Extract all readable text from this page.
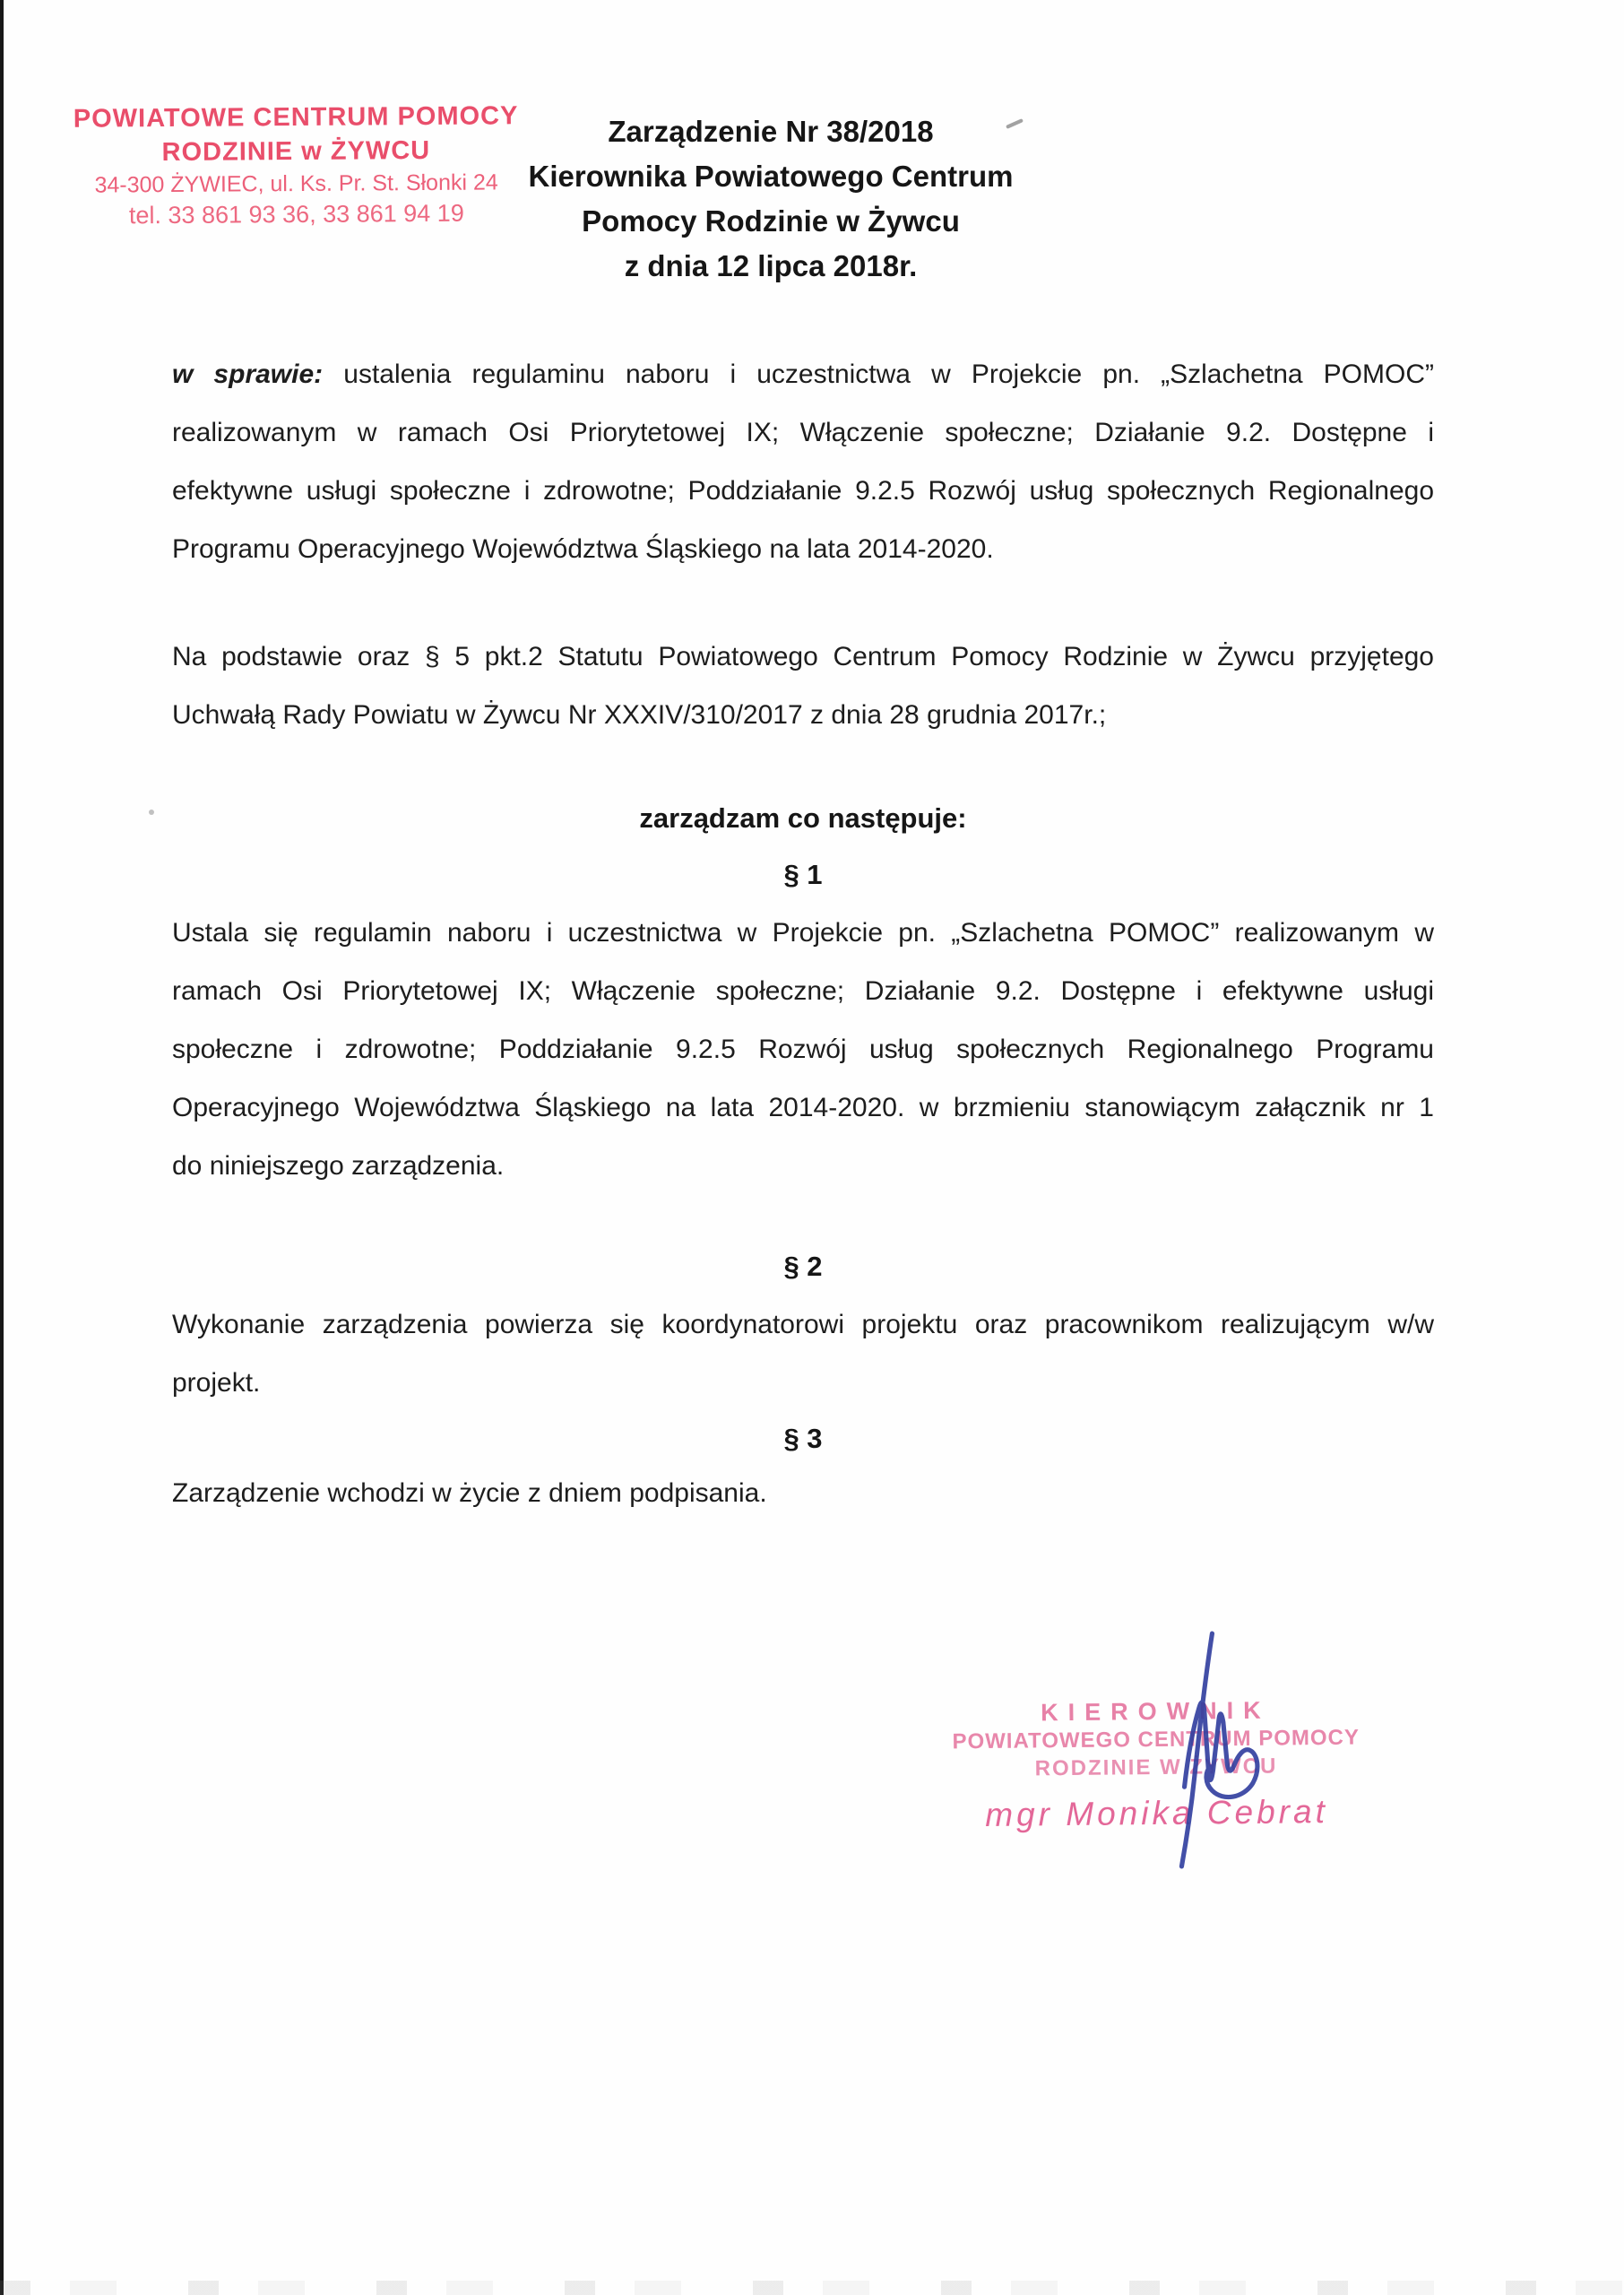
POWIATOWE CENTRUM POMOCY
RODZINIE w ŻYWCU
34-300 ŻYWIEC, ul. Ks. Pr. St. Słonki 24
tel. 33 861 93 36, 33 861 94 19
Zarządzenie Nr 38/2018
Kierownika Powiatowego Centrum
Pomocy Rodzinie w Żywcu
z dnia 12 lipca 2018r.
w sprawie: ustalenia regulaminu naboru i uczestnictwa w Projekcie pn. „Szlachetna POMOC”
realizowanym w ramach Osi Priorytetowej IX; Włączenie społeczne; Działanie 9.2. Dostępne i
efektywne usługi społeczne i zdrowotne; Poddziałanie 9.2.5 Rozwój usług społecznych Regionalnego
Programu Operacyjnego Województwa Śląskiego na lata 2014-2020.
Na podstawie oraz § 5 pkt.2 Statutu Powiatowego Centrum Pomocy Rodzinie w Żywcu przyjętego
Uchwałą Rady Powiatu w Żywcu Nr XXXIV/310/2017 z dnia 28 grudnia 2017r.;
zarządzam co następuje:
§ 1
Ustala się regulamin naboru i uczestnictwa w Projekcie pn. „Szlachetna POMOC” realizowanym w
ramach Osi Priorytetowej IX; Włączenie społeczne; Działanie 9.2. Dostępne i efektywne usługi
społeczne i zdrowotne; Poddziałanie 9.2.5 Rozwój usług społecznych Regionalnego Programu
Operacyjnego Województwa Śląskiego na lata 2014-2020. w brzmieniu stanowiącym załącznik nr 1
do niniejszego zarządzenia.
§ 2
Wykonanie zarządzenia powierza się koordynatorowi projektu oraz pracownikom realizującym w/w
projekt.
§ 3
Zarządzenie wchodzi w życie z dniem podpisania.
KIEROWNIK
POWIATOWEGO CENTRUM POMOCY
RODZINIE W ŻYWCU
mgr Monika Cebrat
